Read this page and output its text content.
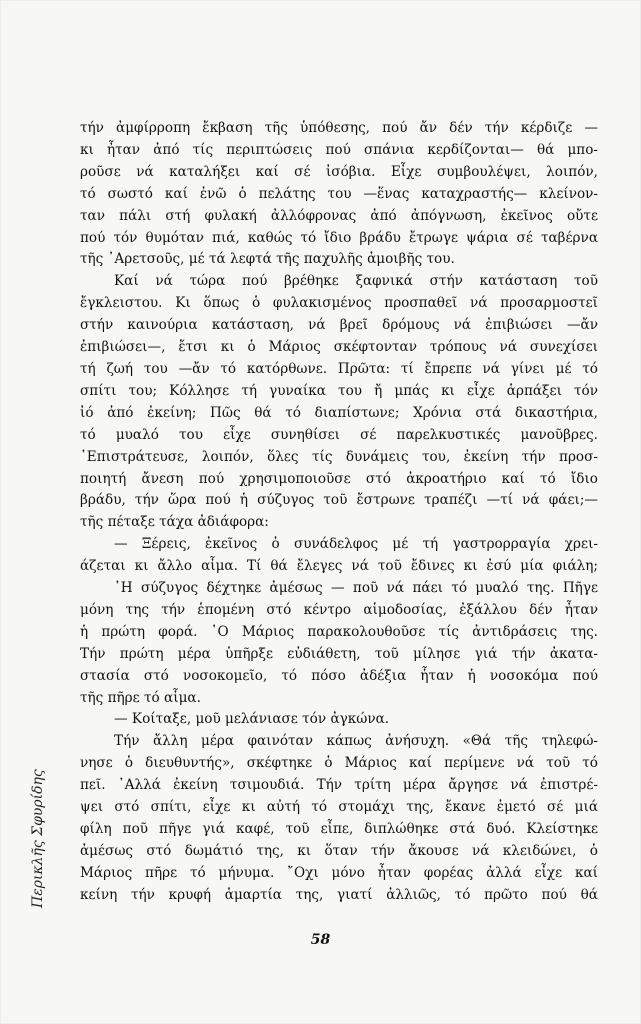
τήν ἀμφίρροπη ἔκβαση τῆς ὑπόθεσης, πού ἄν δέν τήν κέρδιζε —
κι ἦταν ἀπό τίς περιπτώσεις πού σπάνια κερδίζονται— θά μπο-
ροῦσε νά καταλήξει καί σέ ἰσόβια. Εἶχε συμβουλέψει, λοιπόν,
τό σωστό καί ἐνῶ ὁ πελάτης του —ἕνας καταχραστής— κλείνον-
ταν πάλι στή φυλακή ἀλλόφρονας ἀπό ἀπόγνωση, ἐκεῖνος οὔτε
πού τόν θυμόταν πιά, καθώς τό ἴδιο βράδυ ἔτρωγε ψάρια σέ ταβέρνα
τῆς ᾿Αρετσοῦς, μέ τά λεφτά τῆς παχυλῆς ἀμοιβῆς του.
Καί νά τώρα πού βρέθηκε ξαφνικά στήν κατάσταση τοῦ
ἔγκλειστου. Κι ὅπως ὁ φυλακισμένος προσπαθεῖ νά προσαρμοστεῖ
στήν καινούρια κατάσταση, νά βρεῖ δρόμους νά ἐπιβιώσει —ἄν
ἐπιβιώσει—, ἔτσι κι ὁ Μάριος σκέφτονταν τρόπους νά συνεχίσει
τή ζωή του —ἄν τό κατόρθωνε. Πρῶτα: τί ἔπρεπε νά γίνει μέ τό
σπίτι του; Κόλλησε τή γυναίκα του ἤ μπάς κι εἶχε ἁρπάξει τόν
ἰό ἀπό ἐκείνη; Πῶς θά τό διαπίστωνε; Χρόνια στά δικαστήρια,
τό μυαλό του εἶχε συνηθίσει σέ παρελκυστικές μανοῦβρες.
᾿Επιστράτευσε, λοιπόν, ὅλες τίς δυνάμεις του, ἐκείνη τήν προσ-
ποιητή ἄνεση πού χρησιμοποιοῦσε στό ἀκροατήριο καί τό ἴδιο
βράδυ, τήν ὥρα πού ἡ σύζυγος τοῦ ἔστρωνε τραπέζι —τί νά φάει;—
τῆς πέταξε τάχα ἀδιάφορα:
— Ξέρεις, ἐκεῖνος ὁ συνάδελφος μέ τή γαστρορραγία χρει-
άζεται κι ἄλλο αἷμα. Τί θά ἔλεγες νά τοῦ ἔδινες κι ἐσύ μία φιάλη;
῾Η σύζυγος δέχτηκε ἀμέσως — ποῦ νά πάει τό μυαλό της. Πῆγε
μόνη της τήν ἑπομένη στό κέντρο αἱμοδοσίας, ἐξάλλου δέν ἦταν
ἡ πρώτη φορά. ῾Ο Μάριος παρακολουθοῦσε τίς ἀντιδράσεις της.
Τήν πρώτη μέρα ὑπῆρξε εὐδιάθετη, τοῦ μίλησε γιά τήν ἀκατα-
στασία στό νοσοκομεῖο, τό πόσο ἀδέξια ἦταν ἡ νοσοκόμα πού
τῆς πῆρε τό αἷμα.
— Κοίταξε, μοῦ μελάνιασε τόν ἀγκώνα.
Τήν ἄλλη μέρα φαινόταν κάπως ἀνήσυχη. «Θά τῆς τηλεφώ-
νησε ὁ διευθυντής», σκέφτηκε ὁ Μάριος καί περίμενε νά τοῦ τό
πεῖ. ᾿Αλλά ἐκείνη τσιμουδιά. Τήν τρίτη μέρα ἄργησε νά ἐπιστρέ-
ψει στό σπίτι, εἶχε κι αὐτή τό στομάχι της, ἔκανε ἐμετό σέ μιά
φίλη ποῦ πῆγε γιά καφέ, τοῦ εἶπε, διπλώθηκε στά δυό. Κλείστηκε
ἀμέσως στό δωμάτιό της, κι ὅταν τήν ἄκουσε νά κλειδώνει, ὁ
Μάριος πῆρε τό μήνυμα. ῎Οχι μόνο ἦταν φορέας ἀλλά εἶχε καί
κείνη τήν κρυφή ἁμαρτία της, γιατί ἀλλιῶς, τό πρῶτο πού θά
Περικλῆς Σφυρίδης
58
